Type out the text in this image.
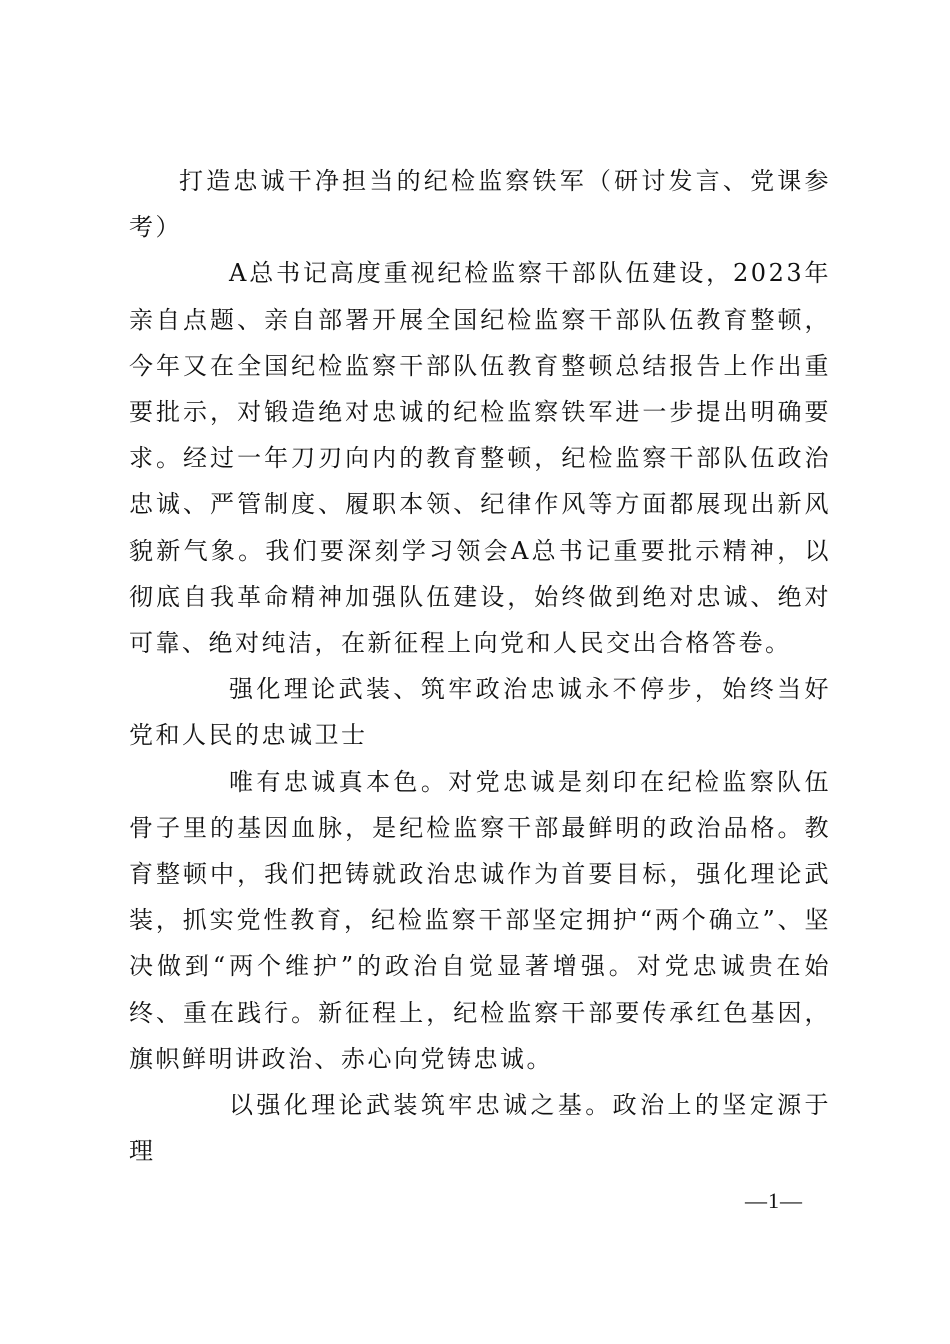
打造忠诚干净担当的纪检监察铁军（研讨发言、党课参考）

A总书记高度重视纪检监察干部队伍建设，2023年亲自点题、亲自部署开展全国纪检监察干部队伍教育整顿，今年又在全国纪检监察干部队伍教育整顿总结报告上作出重要批示，对锻造绝对忠诚的纪检监察铁军进一步提出明确要求。经过一年刀刃向内的教育整顿，纪检监察干部队伍政治忠诚、严管制度、履职本领、纪律作风等方面都展现出新风貌新气象。我们要深刻学习领会A总书记重要批示精神，以彻底自我革命精神加强队伍建设，始终做到绝对忠诚、绝对可靠、绝对纯洁，在新征程上向党和人民交出合格答卷。

强化理论武装、筑牢政治忠诚永不停步，始终当好党和人民的忠诚卫士

唯有忠诚真本色。对党忠诚是刻印在纪检监察队伍骨子里的基因血脉，是纪检监察干部最鲜明的政治品格。教育整顿中，我们把铸就政治忠诚作为首要目标，强化理论武装，抓实党性教育，纪检监察干部坚定拥护“两个确立”、坚决做到“两个维护”的政治自觉显著增强。对党忠诚贵在始终、重在践行。新征程上，纪检监察干部要传承红色基因，旗帜鲜明讲政治、赤心向党铸忠诚。

以强化理论武装筑牢忠诚之基。政治上的坚定源于理

—1—
